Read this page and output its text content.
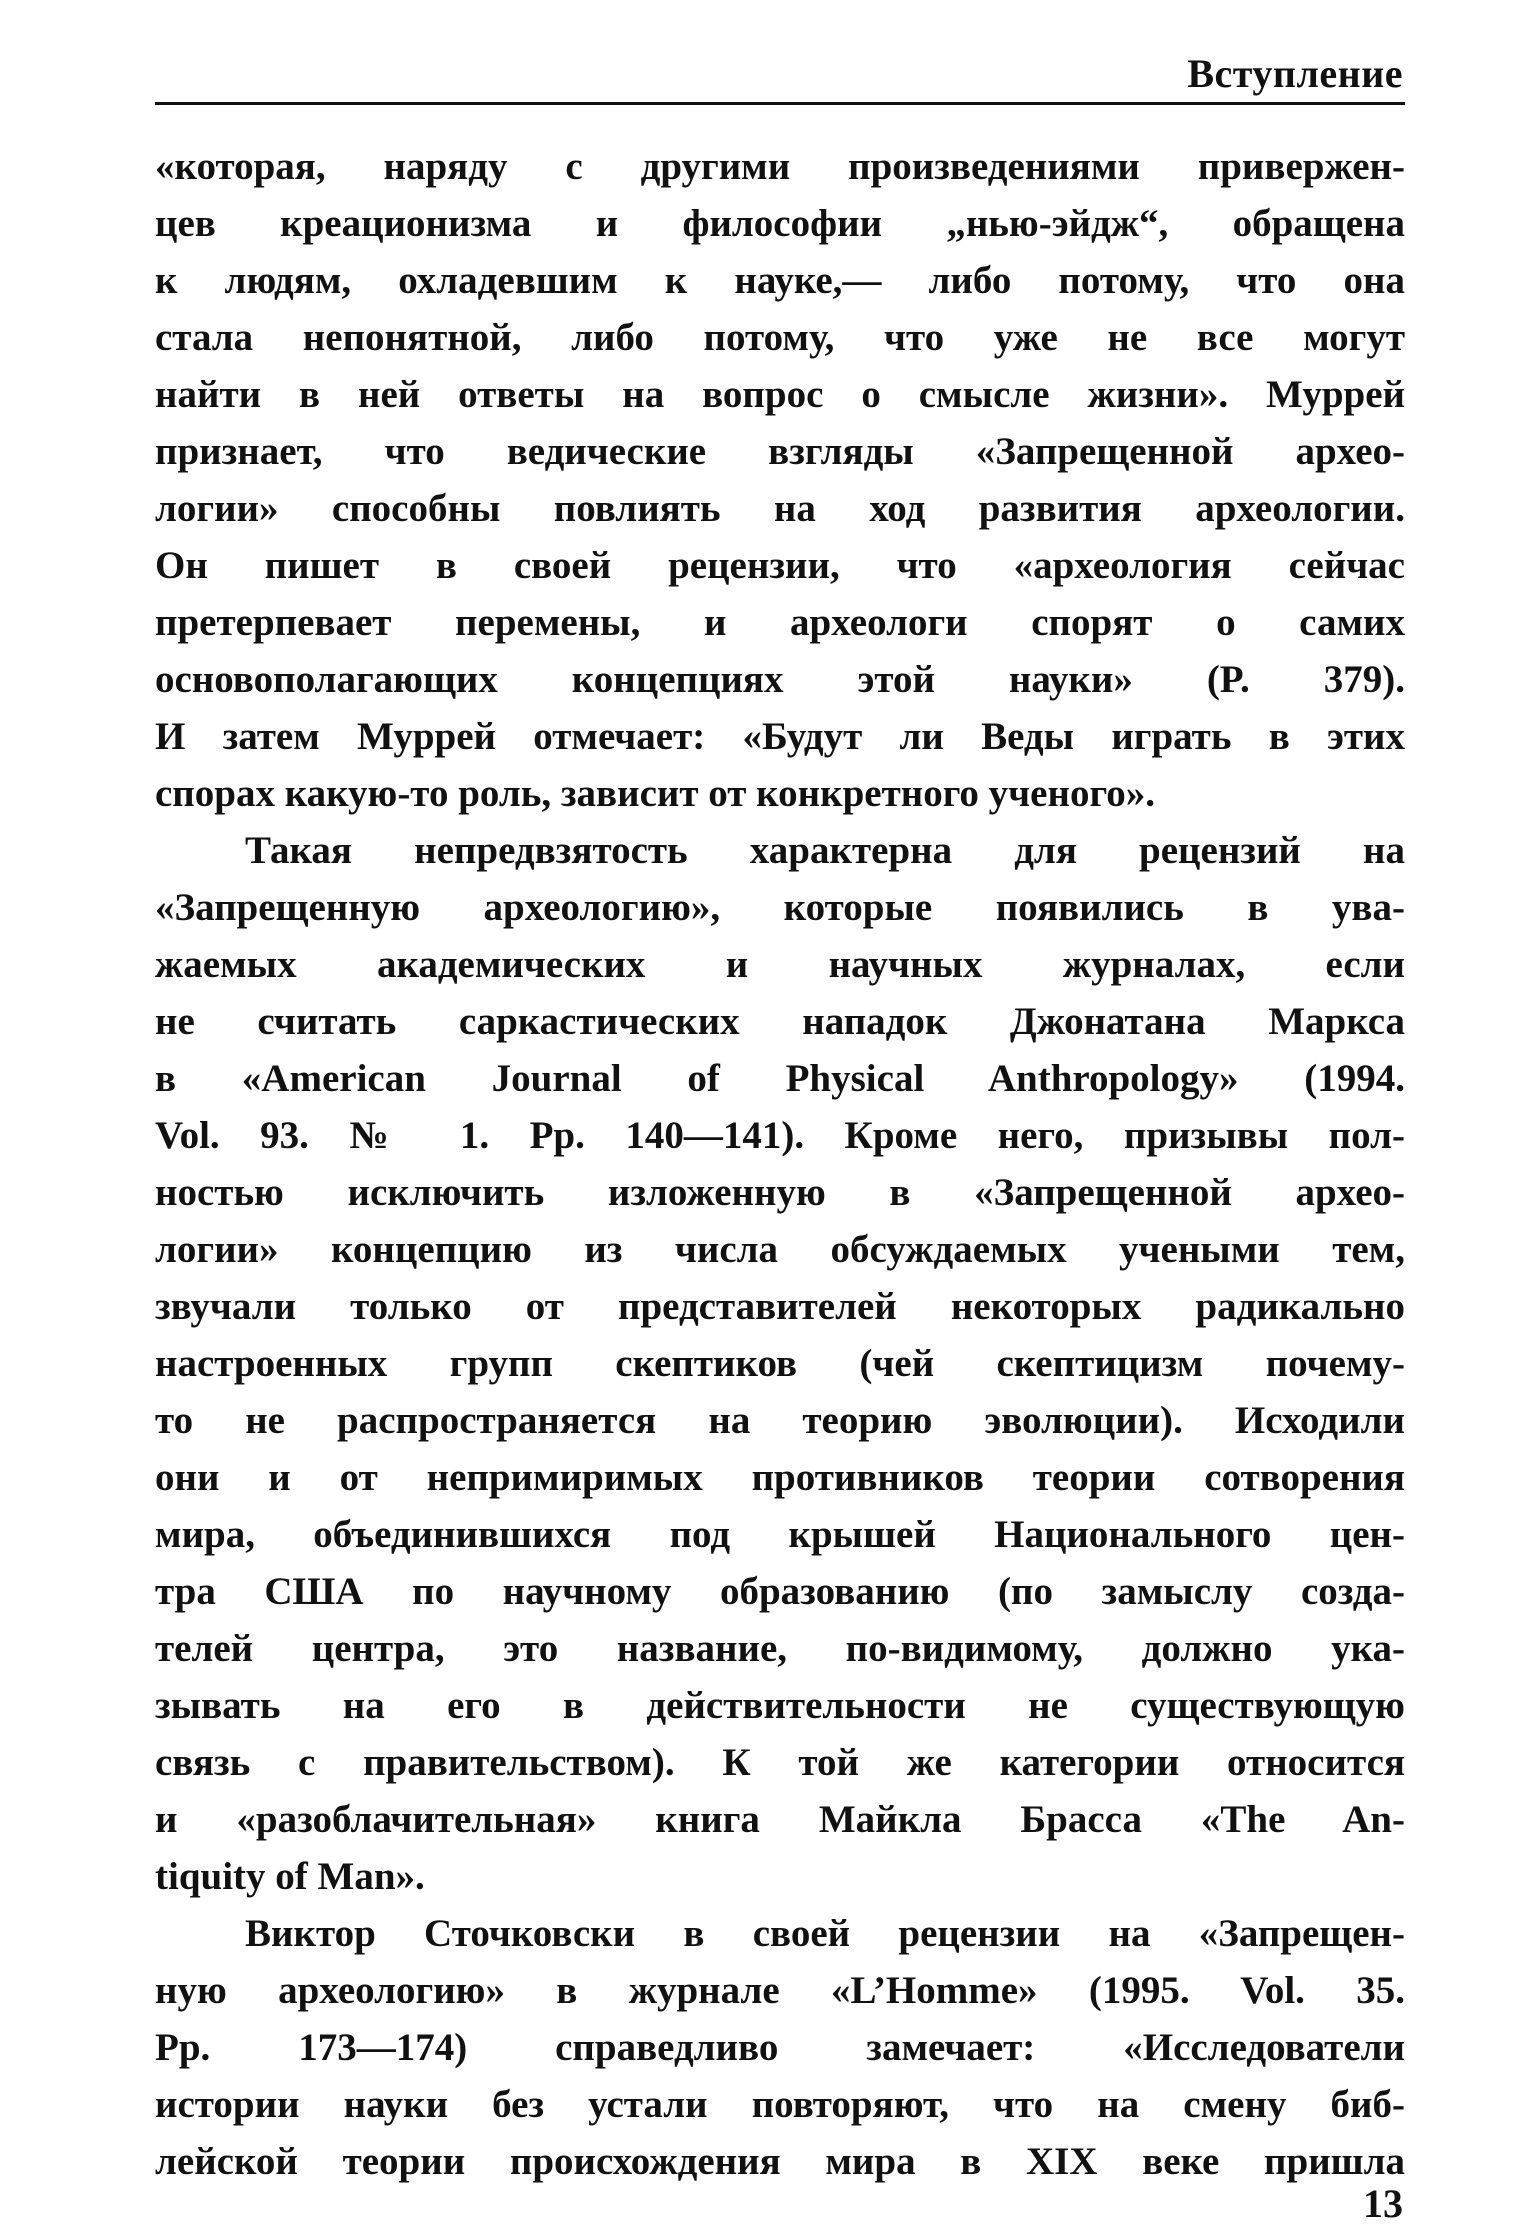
Вступление
«которая, наряду с другими произведениями привержен-
цев креационизма и философии „нью-эйдж“, обращена
к людям, охладевшим к науке,— либо потому, что она
стала непонятной, либо потому, что уже не все могут
найти в ней ответы на вопрос о смысле жизни». Муррей
признает, что ведические взгляды «Запрещенной архео-
логии» способны повлиять на ход развития археологии.
Он пишет в своей рецензии, что «археология сейчас
претерпевает перемены, и археологи спорят о самих
основополагающих концепциях этой науки» (P. 379).
И затем Муррей отмечает: «Будут ли Веды играть в этих
спорах какую-то роль, зависит от конкретного ученого».
Такая непредвзятость характерна для рецензий на
«Запрещенную археологию», которые появились в ува-
жаемых академических и научных журналах, если
не считать саркастических нападок Джонатана Маркса
в «American Journal of Physical Anthropology» (1994.
Vol. 93. № 1. Pp. 140—141). Кроме него, призывы пол-
ностью исключить изложенную в «Запрещенной архео-
логии» концепцию из числа обсуждаемых учеными тем,
звучали только от представителей некоторых радикально
настроенных групп скептиков (чей скептицизм почему-
то не распространяется на теорию эволюции). Исходили
они и от непримиримых противников теории сотворения
мира, объединившихся под крышей Национального цен-
тра США по научному образованию (по замыслу созда-
телей центра, это название, по-видимому, должно ука-
зывать на его в действительности не существующую
связь с правительством). К той же категории относится
и «разоблачительная» книга Майкла Брасса «The An-
tiquity of Man».
Виктор Сточковски в своей рецензии на «Запрещен-
ную археологию» в журнале «L’Homme» (1995. Vol. 35.
Pp. 173—174) справедливо замечает: «Исследователи
истории науки без устали повторяют, что на смену биб-
лейской теории происхождения мира в XIX веке пришла
13
